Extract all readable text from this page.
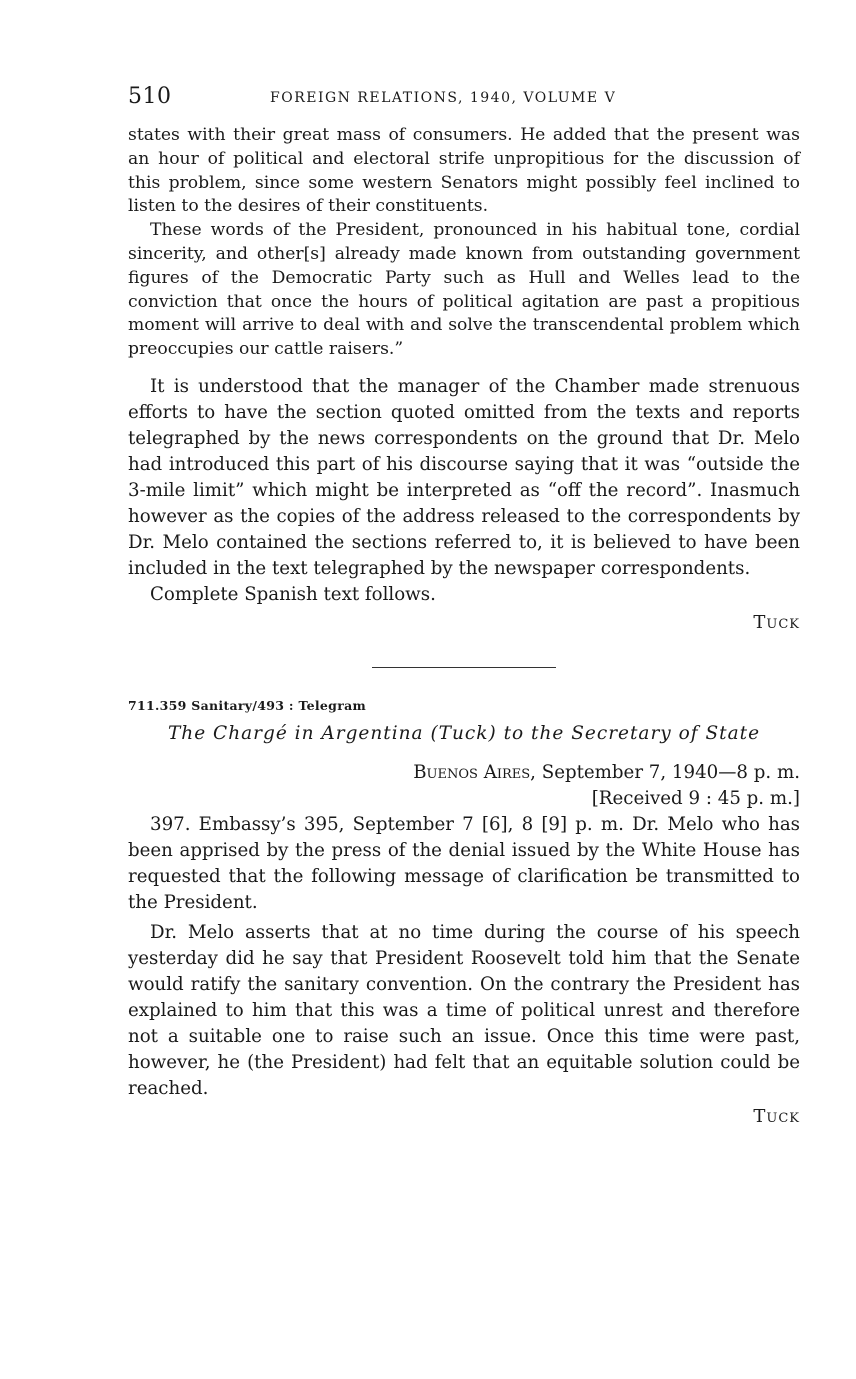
510	FOREIGN RELATIONS, 1940, VOLUME V

states with their great mass of consumers. He added that the present was an hour of political and electoral strife unpropitious for the discussion of this problem, since some western Senators might possibly feel inclined to listen to the desires of their constituents.

These words of the President, pronounced in his habitual tone, cordial sincerity, and other[s] already made known from outstanding government figures of the Democratic Party such as Hull and Welles lead to the conviction that once the hours of political agitation are past a propitious moment will arrive to deal with and solve the transcendental problem which preoccupies our cattle raisers.”

It is understood that the manager of the Chamber made strenuous efforts to have the section quoted omitted from the texts and reports telegraphed by the news correspondents on the ground that Dr. Melo had introduced this part of his discourse saying that it was “outside the 3-mile limit” which might be interpreted as “off the record”. Inasmuch however as the copies of the address released to the correspondents by Dr. Melo contained the sections referred to, it is believed to have been included in the text telegraphed by the newspaper correspondents.

Complete Spanish text follows.

Tuck
711.359 Sanitary/493 : Telegram
The Chargé in Argentina (Tuck) to the Secretary of State
Buenos Aires, September 7, 1940—8 p. m.
[Received 9 : 45 p. m.]

397. Embassy’s 395, September 7 [6], 8 [9] p. m. Dr. Melo who has been apprised by the press of the denial issued by the White House has requested that the following message of clarification be transmitted to the President.

Dr. Melo asserts that at no time during the course of his speech yesterday did he say that President Roosevelt told him that the Senate would ratify the sanitary convention. On the contrary the President has explained to him that this was a time of political unrest and therefore not a suitable one to raise such an issue. Once this time were past, however, he (the President) had felt that an equitable solution could be reached.

Tuck
